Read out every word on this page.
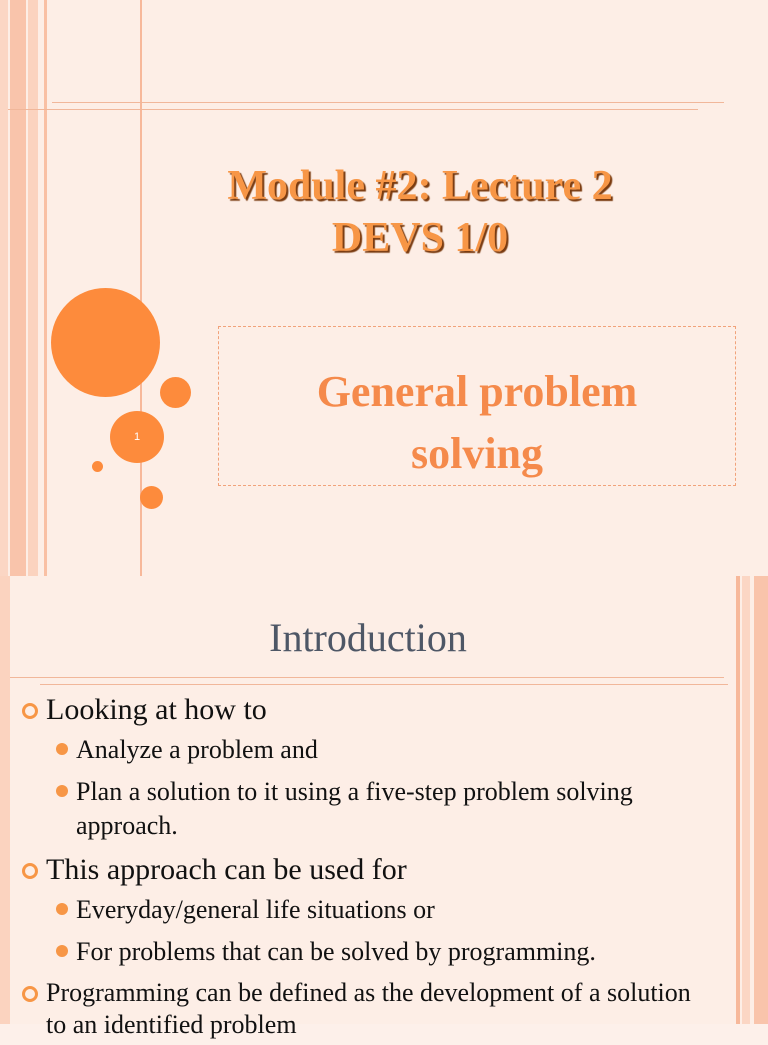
Module #2: Lecture 2
DEVS 1/0
1

General problem
solving

Introduction
Looking at how to
Analyze a problem and
Plan a solution to it using a five-step problem solving approach.
This approach can be used for
Everyday/general life situations or
For problems that can be solved by programming.
Programming can be defined as the development of a solution to an identified problem
